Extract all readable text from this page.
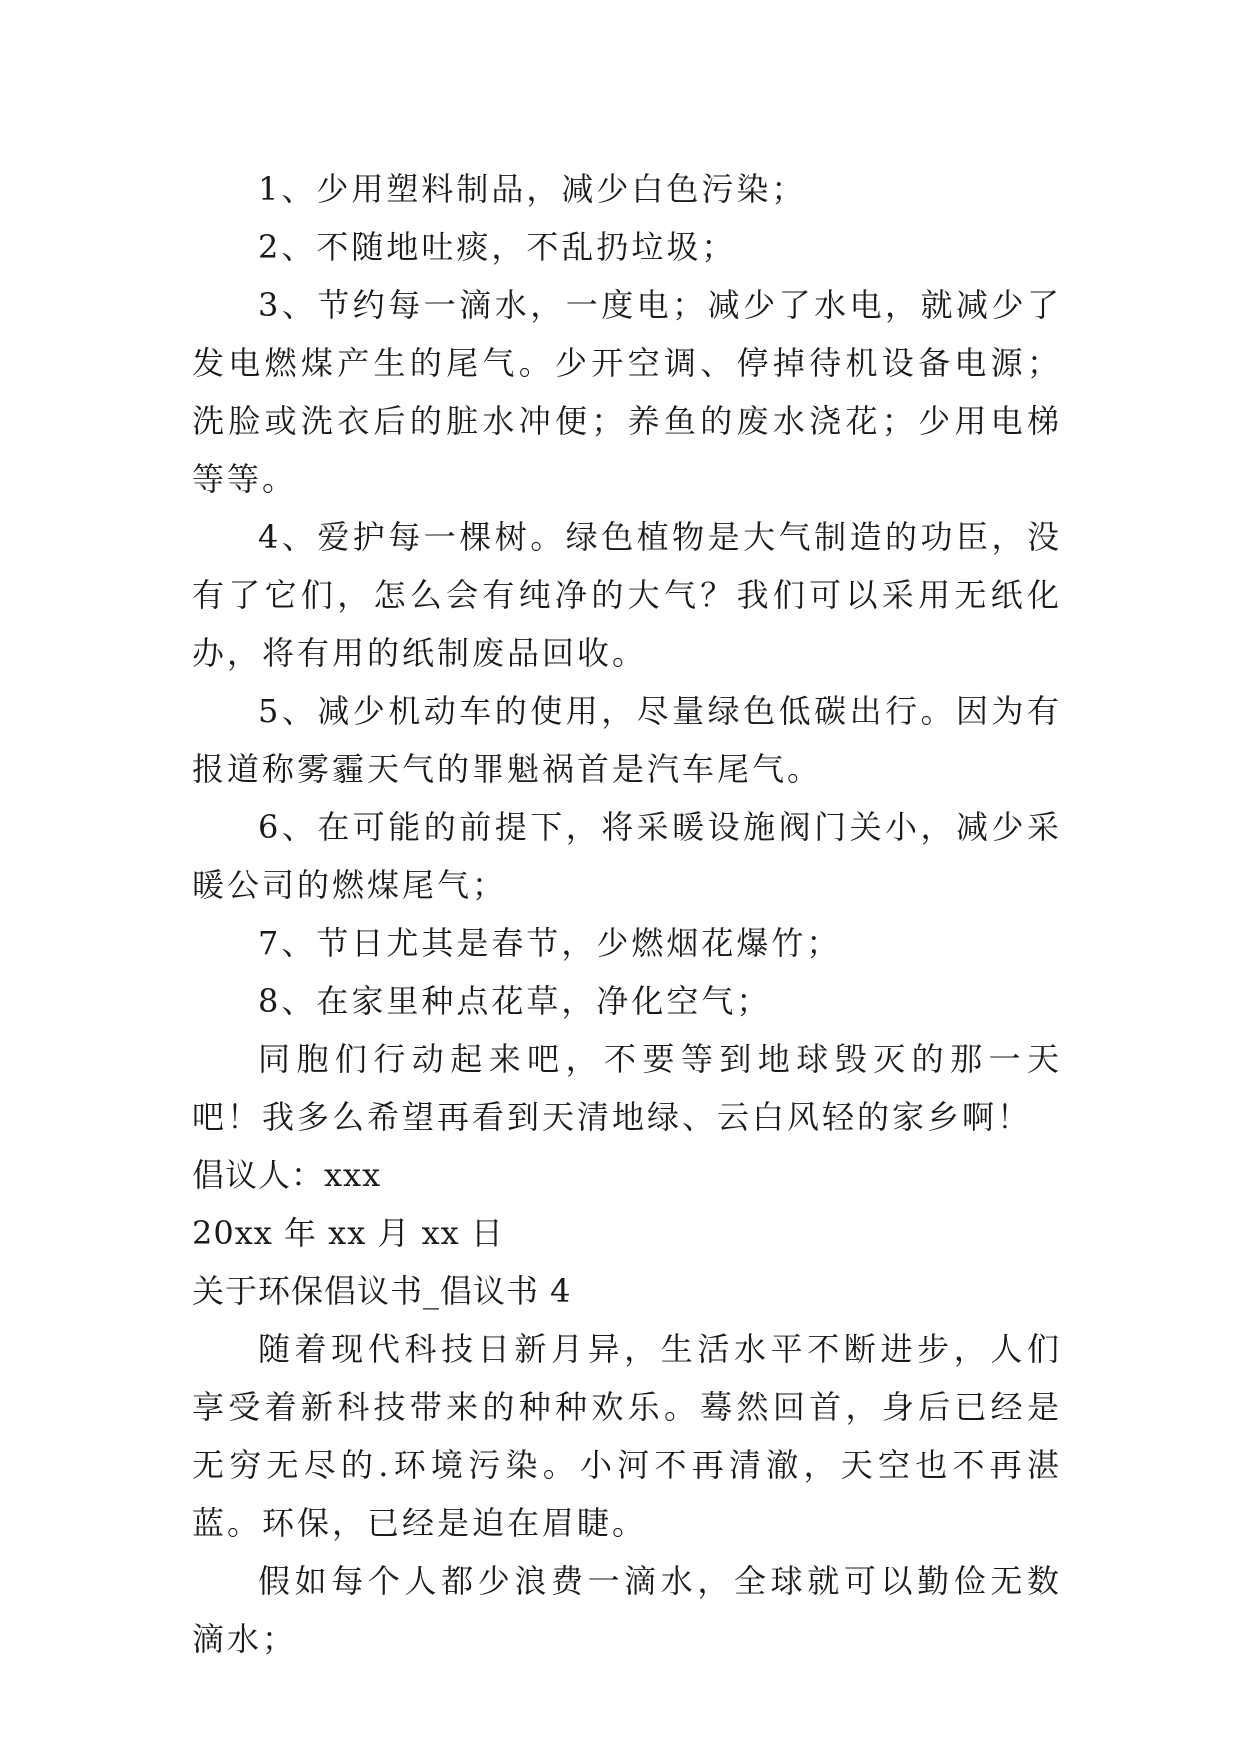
1、少用塑料制品，减少白色污染；

2、不随地吐痰，不乱扔垃圾；

3、节约每一滴水，一度电；减少了水电，就减少了发电燃煤产生的尾气。少开空调、停掉待机设备电源；洗脸或洗衣后的脏水冲便；养鱼的废水浇花；少用电梯等等。

4、爱护每一棵树。绿色植物是大气制造的功臣，没有了它们，怎么会有纯净的大气？我们可以采用无纸化办，将有用的纸制废品回收。

5、减少机动车的使用，尽量绿色低碳出行。因为有报道称雾霾天气的罪魁祸首是汽车尾气。

6、在可能的前提下，将采暖设施阀门关小，减少采暖公司的燃煤尾气；

7、节日尤其是春节，少燃烟花爆竹；

8、在家里种点花草，净化空气；

同胞们行动起来吧，不要等到地球毁灭的那一天吧！我多么希望再看到天清地绿、云白风轻的家乡啊！

倡议人：xxx

20xx 年 xx 月 xx 日

关于环保倡议书_倡议书 4

随着现代科技日新月异，生活水平不断进步，人们享受着新科技带来的种种欢乐。蓦然回首，身后已经是无穷无尽的.环境污染。小河不再清澈，天空也不再湛蓝。环保，已经是迫在眉睫。

假如每个人都少浪费一滴水，全球就可以勤俭无数滴水；
